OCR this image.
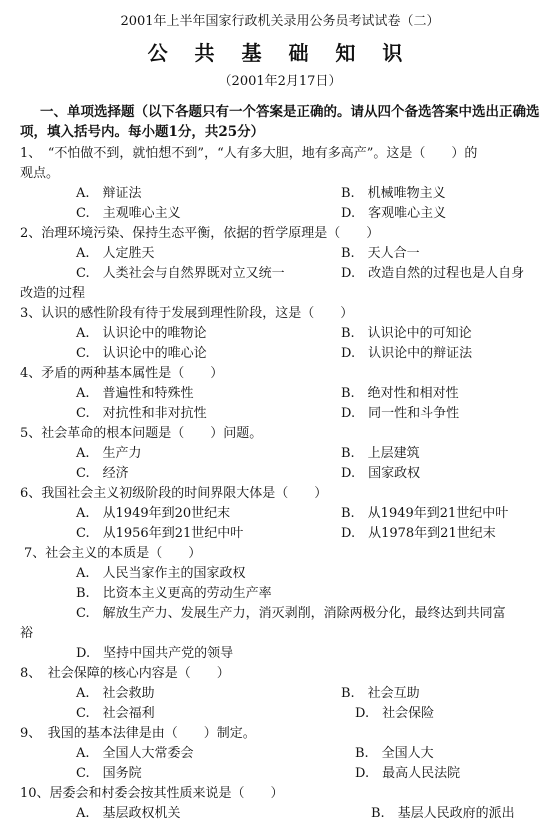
2001年上半年国家行政机关录用公务员考试试卷（二）
公 共 基 础 知 识
（2001年2月17日）
一、单项选择题（以下各题只有一个答案是正确的。请从四个备选答案中选出正确选项，填入括号内。每小题1分，共25分）
1、　“不怕做不到，就怕想不到”，“人有多大胆，地有多高产”。这是（　　）的
观点。
A.　辩证法	B.　机械唯物主义
C.　主观唯心主义	D.　客观唯心主义
2、治理环境污染、保持生态平衡，依据的哲学原理是（　　）
A.　人定胜天	B.　天人合一
C.　人类社会与自然界既对立又统一	D.　改造自然的过程也是人自身
改造的过程
3、认识的感性阶段有待于发展到理性阶段，这是（　　）
A.　认识论中的唯物论	B.　认识论中的可知论
C.　认识论中的唯心论	D.　认识论中的辩证法
4、矛盾的两种基本属性是（　　）
A.　普遍性和特殊性	B.　绝对性和相对性
C.　对抗性和非对抗性	D.　同一性和斗争性
5、社会革命的根本问题是（　　）问题。
A.　生产力	B.　上层建筑
C.　经济	D.　国家政权
6、我国社会主义初级阶段的时间界限大体是（　　）
A.　从1949年到20世纪末	B.　从1949年到21世纪中叶
C.　从1956年到21世纪中叶	D.　从1978年到21世纪末
7、社会主义的本质是（　　）
A.　人民当家作主的国家政权
B.　比资本主义更高的劳动生产率
C.　解放生产力、发展生产力，消灭剥削，消除两极分化，最终达到共同富
裕
D.　坚持中国共产党的领导
8、　社会保障的核心内容是（　　）
A.　社会救助	B.　社会互助
C.　社会福利	D.　社会保险
9、　我国的基本法律是由（　　）制定。
A.　全国人大常委会	B.　全国人大
C.　国务院	D.　最高人民法院
10、居委会和村委会按其性质来说是（　　）
A.　基层政权机关	B.　基层人民政府的派出
